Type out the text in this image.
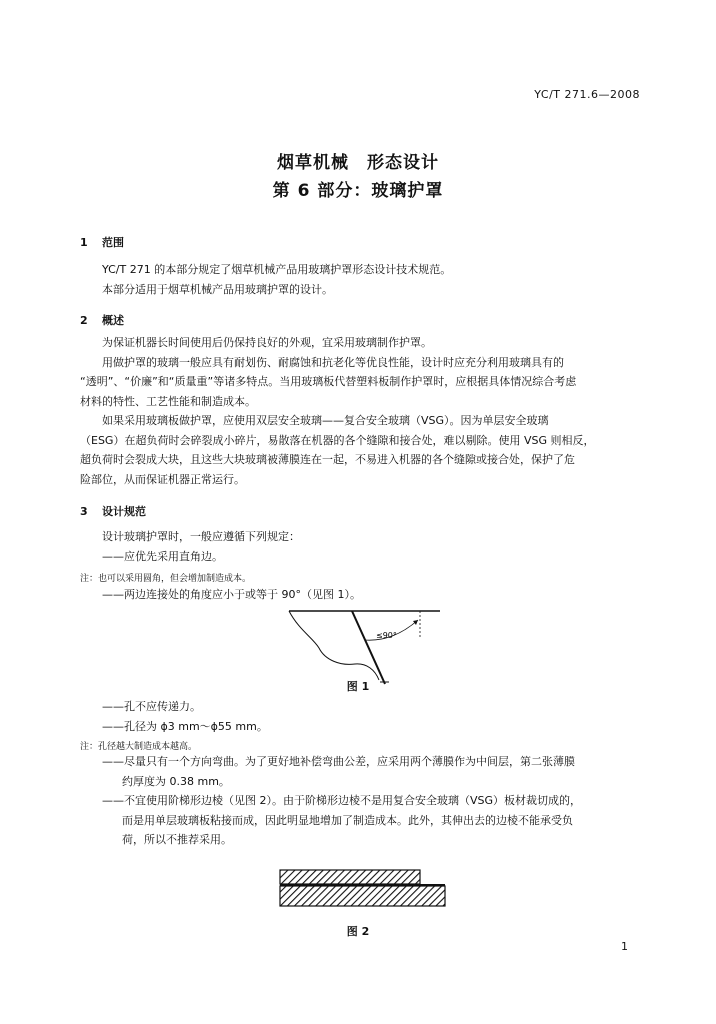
YC/T 271.6—2008
烟草机械　形态设计
第 6 部分：玻璃护罩
1 范围
YC/T 271 的本部分规定了烟草机械产品用玻璃护罩形态设计技术规范。
本部分适用于烟草机械产品用玻璃护罩的设计。
2 概述
为保证机器长时间使用后仍保持良好的外观，宜采用玻璃制作护罩。
用做护罩的玻璃一般应具有耐划伤、耐腐蚀和抗老化等优良性能，设计时应充分利用玻璃具有的
“透明”、“价廉”和“质量重”等诸多特点。当用玻璃板代替塑料板制作护罩时，应根据具体情况综合考虑
材料的特性、工艺性能和制造成本。
如果采用玻璃板做护罩，应使用双层安全玻璃——复合安全玻璃（VSG）。因为单层安全玻璃
（ESG）在超负荷时会碎裂成小碎片，易散落在机器的各个缝隙和接合处，难以剔除。使用 VSG 则相反，
超负荷时会裂成大块，且这些大块玻璃被薄膜连在一起，不易进入机器的各个缝隙或接合处，保护了危
险部位，从而保证机器正常运行。
3 设计规范
设计玻璃护罩时，一般应遵循下列规定：
——应优先采用直角边。
注：也可以采用圆角，但会增加制造成本。
——两边连接处的角度应小于或等于 90°（见图 1）。
≤90°
图 1
——孔不应传递力。
——孔径为 ϕ3 mm～ϕ55 mm。
注：孔径越大制造成本越高。
——尽量只有一个方向弯曲。为了更好地补偿弯曲公差，应采用两个薄膜作为中间层，第二张薄膜
约厚度为 0.38 mm。
——不宜使用阶梯形边棱（见图 2）。由于阶梯形边棱不是用复合安全玻璃（VSG）板材裁切成的，
而是用单层玻璃板粘接而成，因此明显地增加了制造成本。此外，其伸出去的边棱不能承受负
荷，所以不推荐采用。
图 2
1
